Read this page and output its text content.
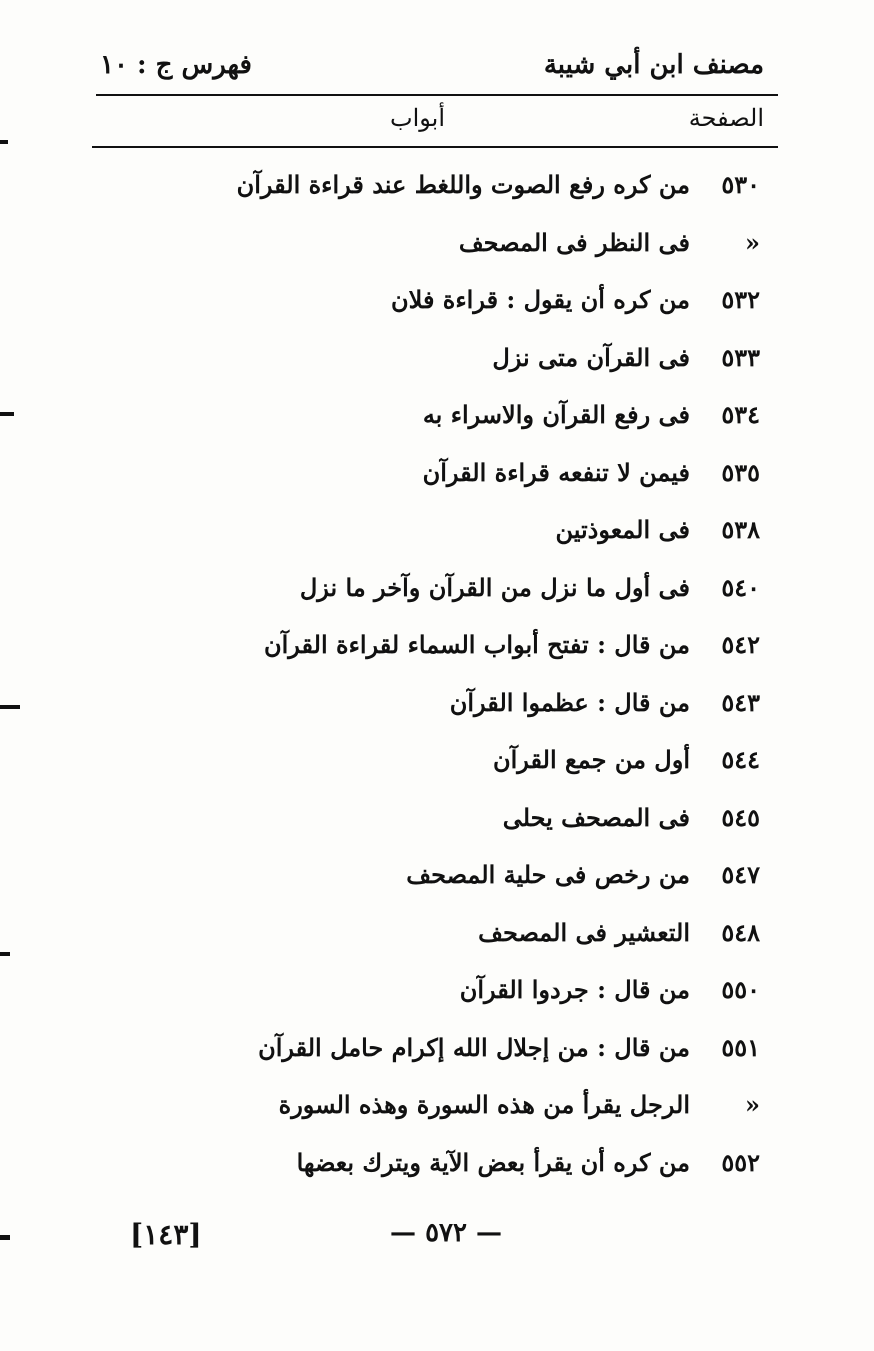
مصنف ابن أبي شيبة
فهرس ج : ١٠
الصفحة
أبواب
٥٣٠
من كره رفع الصوت واللغط عند قراءة القرآن
«
فى النظر فى المصحف
٥٣٢
من كره أن يقول : قراءة فلان
٥٣٣
فى القرآن متى نزل
٥٣٤
فى رفع القرآن والاسراء به
٥٣٥
فيمن لا تنفعه قراءة القرآن
٥٣٨
فى المعوذتين
٥٤٠
فى أول ما نزل من القرآن وآخر ما نزل
٥٤٢
من قال : تفتح أبواب السماء لقراءة القرآن
٥٤٣
من قال : عظموا القرآن
٥٤٤
أول من جمع القرآن
٥٤٥
فى المصحف يحلى
٥٤٧
من رخص فى حلية المصحف
٥٤٨
التعشير فى المصحف
٥٥٠
من قال : جردوا القرآن
٥٥١
من قال : من إجلال الله إكرام حامل القرآن
«
الرجل يقرأ من هذه السورة وهذه السورة
٥٥٢
من كره أن يقرأ بعض الآية ويترك بعضها
[١٤٣]	— ٥٧٢ —
